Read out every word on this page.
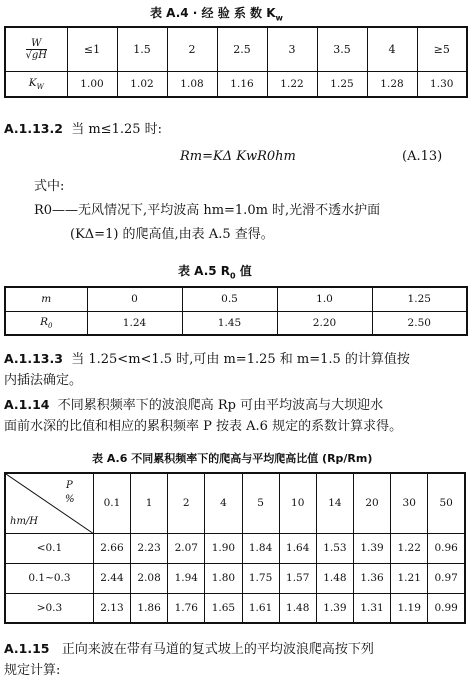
表 A.4 · 经 验 系 数 $K_w$
$\frac{W}{√gH}$	≤1	1.5	2	2.5	3	3.5	4	≥5
$K_W$	1.00	1.02	1.08	1.16	1.22	1.25	1.28	1.30
A.1.13.2 当 m≤1.25 时:
Rm=KΔ KwR0hm	(A.13)
式中:
R0——无风情况下,平均波高 hm=1.0m 时,光滑不透水护面
(KΔ=1) 的爬高值,由表 A.5 查得。
表 A.5 $R_0$ 值
m	0	0.5	1.0	1.25
$R_0$	1.24	1.45	2.20	2.50
A.1.13.3 当 1.25<m<1.5 时,可由 m=1.25 和 m=1.5 的计算值按
内插法确定。
A.1.14 不同累积频率下的波浪爬高 Rp 可由平均波高与大坝迎水
面前水深的比值和相应的累积频率 P 按表 A.6 规定的系数计算求得。
表 A.6 不同累积频率下的爬高与平均爬高比值 (Rp/Rm)
P
%
hm/H	0.1	1	2	4	5	10	14	20	30	50
<0.1	2.66	2.23	2.07	1.90	1.84	1.64	1.53	1.39	1.22	0.96
0.1~0.3	2.44	2.08	1.94	1.80	1.75	1.57	1.48	1.36	1.21	0.97
>0.3	2.13	1.86	1.76	1.65	1.61	1.48	1.39	1.31	1.19	0.99
A.1.15 正向来波在带有马道的复式坡上的平均波浪爬高按下列
规定计算:
